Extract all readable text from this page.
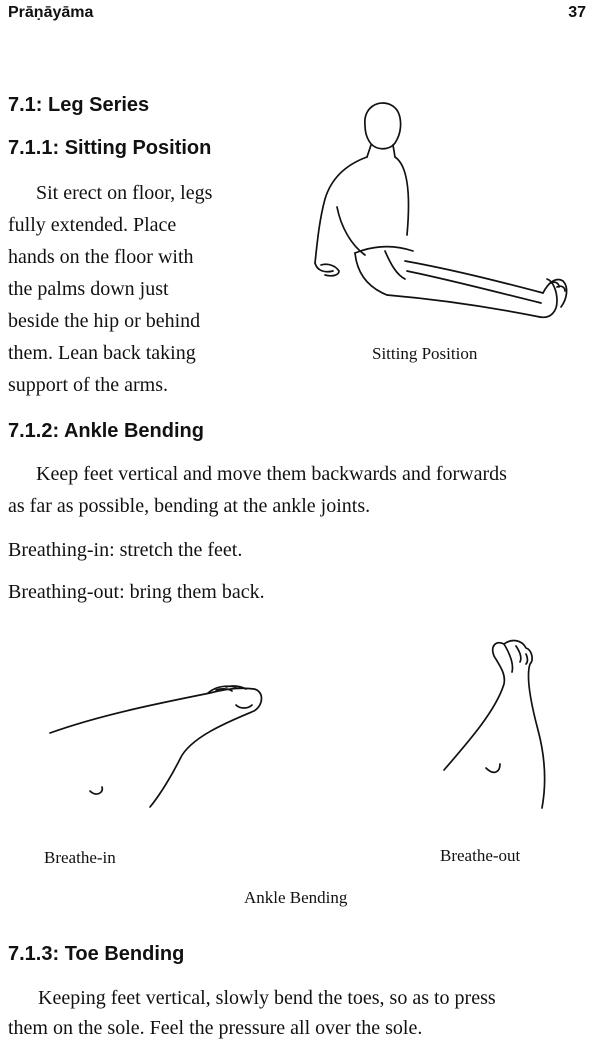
Prāṇāyāma	37
7.1: Leg Series
7.1.1: Sitting Position

Sit erect on floor, legs

fully extended. Place

hands on the floor with

the palms down just

beside the hip or behind

them. Lean back taking

support of the arms.

Sitting Position

7.1.2: Ankle Bending

Keep feet vertical and move them backwards and forwards

as far as possible, bending at the ankle joints.

Breathing-in: stretch the feet.

Breathing-out: bring them back.

Breathe-in	Breathe-out

Ankle Bending

7.1.3: Toe Bending

Keeping feet vertical, slowly bend the toes, so as to press

them on the sole. Feel the pressure all over the sole.
